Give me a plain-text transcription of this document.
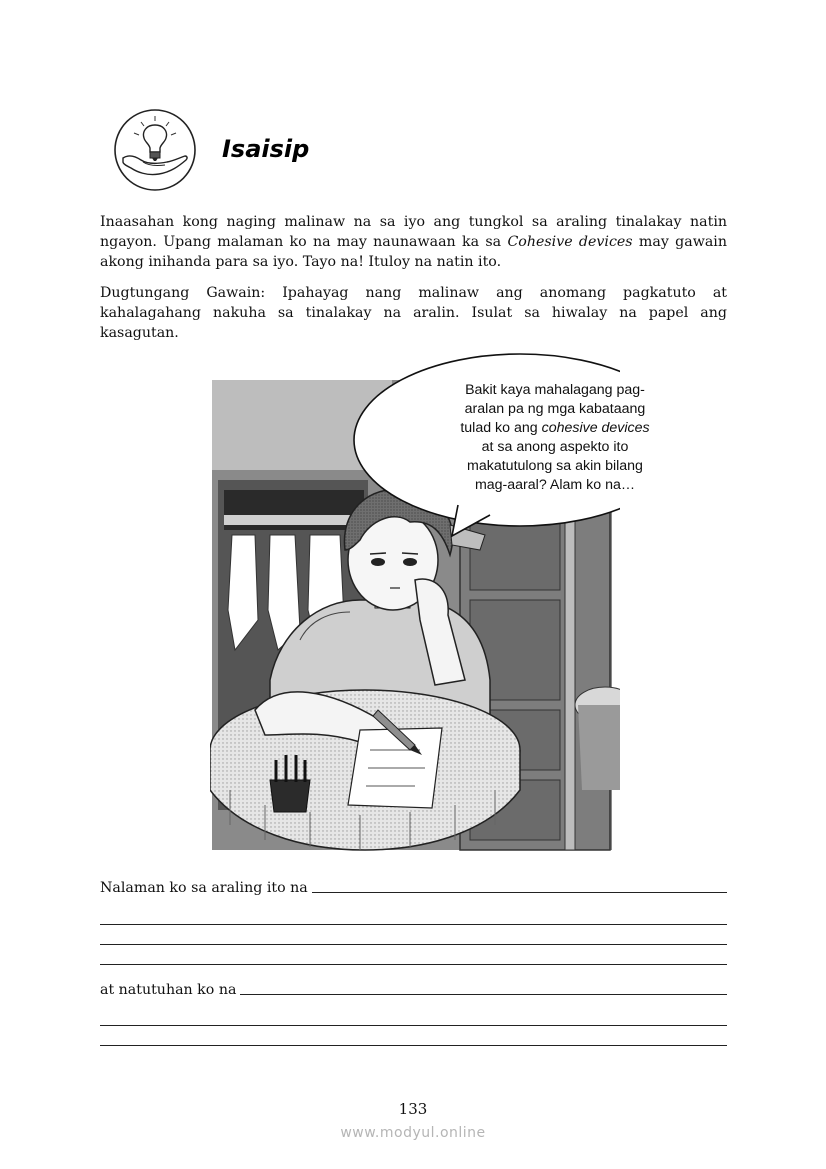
Isaisip

Inaasahan kong naging malinaw na sa iyo ang tungkol sa araling tinalakay natin ngayon. Upang malaman ko na may naunawaan ka sa Cohesive devices may gawain akong inihanda para sa iyo. Tayo na! Ituloy na natin ito.

Dugtungang Gawain: Ipahayag nang malinaw ang anomang pagkatuto at kahalagahang nakuha sa tinalakay na aralin. Isulat sa hiwalay na papel ang kasagutan.

Bakit kaya mahalagang pag-
aralan pa ng mga kabataang
tulad ko ang cohesive devices
at sa anong aspekto ito
makatutulong sa akin bilang
mag-aaral? Alam ko na…
Nalaman ko sa araling ito na
at natutuhan ko na
133
www.modyul.online
